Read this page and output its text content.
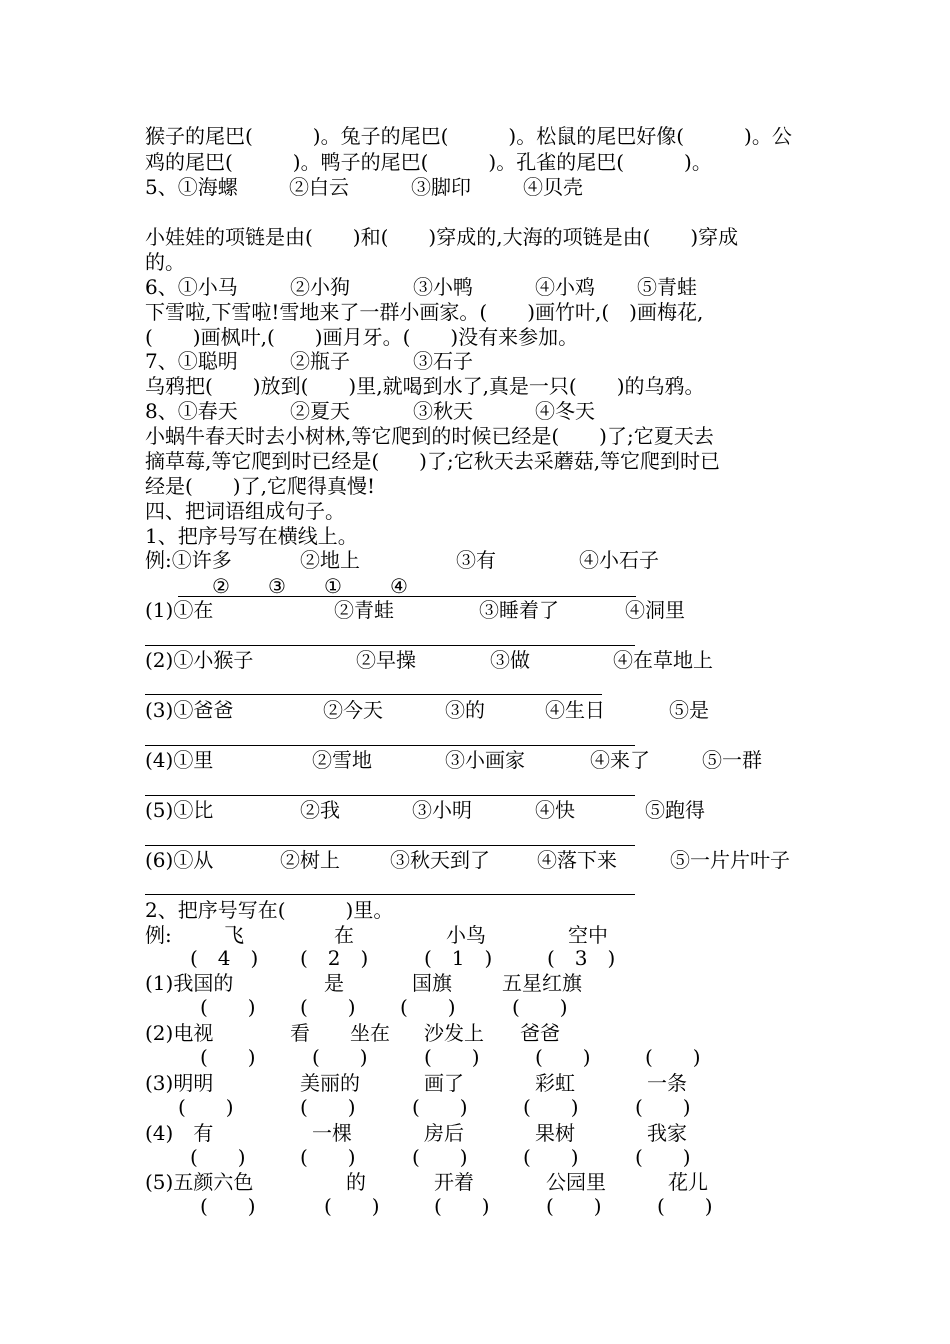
猴子的尾巴(　　　)。兔子的尾巴(　　　)。松鼠的尾巴好像(　　　)。公
鸡的尾巴(　　　)。鸭子的尾巴(　　　)。孔雀的尾巴(　　　)。
5、①海螺	②白云	③脚印	④贝壳
小娃娃的项链是由(　　)和(　　)穿成的,大海的项链是由(　　)穿成
的。
6、①小马	②小狗	③小鸭	④小鸡 ⑤青蛙
下雪啦,下雪啦!雪地来了一群小画家。(　　)画竹叶,(　)画梅花,
(　　)画枫叶,(　　)画月牙。(　　)没有来参加。
7、①聪明	②瓶子	③石子
乌鸦把(　　)放到(　　)里,就喝到水了,真是一只(　　)的乌鸦。
8、①春天	②夏天	③秋天	④冬天
小蜗牛春天时去小树林,等它爬到的时候已经是(　　)了;它夏天去
摘草莓,等它爬到时已经是(　　)了;它秋天去采蘑菇,等它爬到时已
经是(　　)了,它爬得真慢!
四、把词语组成句子。
1、把序号写在横线上。
例:①许多	②地上	③有	④小石子
② ③ ① ④
(1)①在	②青蛙	③睡着了	④洞里
(2)①小猴子	②早操	③做	④在草地上
(3)①爸爸	②今天	③的	④生日	⑤是
(4)①里	②雪地	③小画家	④来了	⑤一群
(5)①比	②我	③小明	④快	⑤跑得
(6)①从	②树上	③秋天到了 ④落下来	⑤一片片叶子
2、把序号写在(　　　)里。
例:	飞	在	小鸟	空中
(　4　) (　2　)	(　1　)	(　3　)
(1)我国的	是	国旗	五星红旗
(　　) (　　) (　　)	(　　)
(2)电视	看 坐在 沙发上 爸爸
(　　)	(　　)	(　　)	(　　)	(　　)
(3)明明	美丽的	画了	彩虹	一条
(　　)	(　　)	(　　)	(　　)	(　　)
(4)　有	一棵	房后	果树	我家
(　　)	(　　)	(　　)	(　　)	(　　)
(5)五颜六色	的	开着	公园里	花儿
(　　)	(　　)	(　　)	(　　)	(　　)
